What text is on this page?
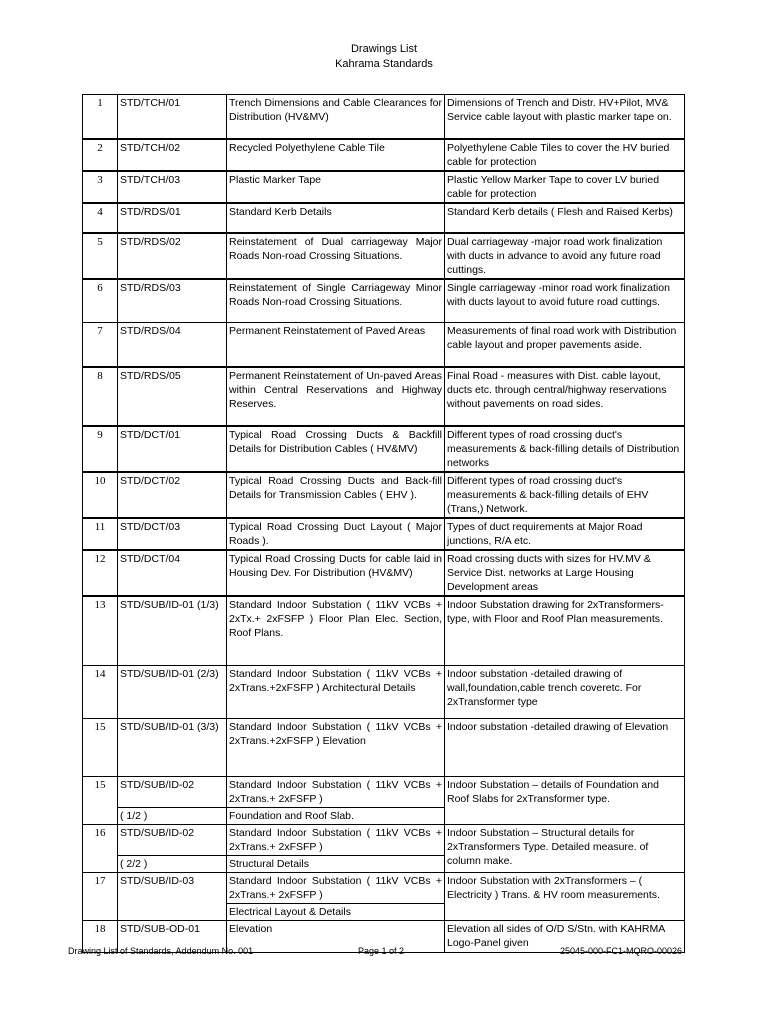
Drawings List
Kahrama Standards
1	STD/TCH/01	Trench Dimensions and Cable Clearances for Distribution (HV&MV)	Dimensions of Trench and Distr. HV+Pilot, MV& Service cable layout with plastic marker tape on.
2	STD/TCH/02	Recycled Polyethylene Cable Tile	Polyethylene Cable Tiles to cover the HV buried cable for protection
3	STD/TCH/03	Plastic Marker Tape	Plastic Yellow Marker Tape to cover LV buried cable for protection
4	STD/RDS/01	Standard Kerb Details	Standard Kerb details ( Flesh and Raised Kerbs)
5	STD/RDS/02	Reinstatement of Dual carriageway Major Roads Non-road Crossing Situations.	Dual carriageway -major road work finalization with ducts in advance to avoid any future road cuttings.
6	STD/RDS/03	Reinstatement of Single Carriageway Minor Roads Non-road Crossing Situations.	Single carriageway -minor road work finalization with ducts layout to avoid future road cuttings.
7	STD/RDS/04	Permanent Reinstatement of Paved Areas	Measurements of final road work with Distribution cable layout and proper pavements aside.
8	STD/RDS/05	Permanent Reinstatement of Un-paved Areas within Central Reservations and Highway Reserves.	Final Road - measures with Dist. cable layout, ducts etc. through central/highway reservations without pavements on road sides.
9	STD/DCT/01	Typical Road Crossing Ducts & Backfill Details for Distribution Cables ( HV&MV)	Different types of road crossing duct's measurements & back-filling details of Distribution networks
10	STD/DCT/02	Typical Road Crossing Ducts and Back-fill Details for Transmission Cables ( EHV ).	Different types of road crossing duct's measurements & back-filling details of EHV (Trans,) Network.
11	STD/DCT/03	Typical Road Crossing Duct Layout ( Major Roads ).	Types of duct requirements at Major Road junctions, R/A etc.
12	STD/DCT/04	Typical Road Crossing Ducts for cable laid in Housing Dev. For Distribution (HV&MV)	Road crossing ducts with sizes for HV.MV & Service Dist. networks at Large Housing Development areas
13	STD/SUB/ID-01 (1/3)	Standard Indoor Substation ( 11kV VCBs + 2xTx.+ 2xFSFP ) Floor Plan Elec. Section, Roof Plans.	Indoor Substation drawing for 2xTransformers-type, with Floor and Roof Plan measurements.
14	STD/SUB/ID-01 (2/3)	Standard Indoor Substation ( 11kV VCBs + 2xTrans.+2xFSFP ) Architectural Details	Indoor substation -detailed drawing of wall,foundation,cable trench coveretc. For 2xTransformer type
15	STD/SUB/ID-01 (3/3)	Standard Indoor Substation ( 11kV VCBs + 2xTrans.+2xFSFP ) Elevation	Indoor substation -detailed drawing of Elevation
15	STD/SUB/ID-02	Standard Indoor Substation ( 11kV VCBs + 2xTrans.+ 2xFSFP )	Indoor Substation – details of Foundation and Roof Slabs for 2xTransformer type.
	( 1/2 )	Foundation and Roof Slab.	
16	STD/SUB/ID-02	Standard Indoor Substation ( 11kV VCBs + 2xTrans.+ 2xFSFP )	Indoor Substation – Structural details for 2xTransformers Type. Detailed measure. of column make.
	( 2/2 )	Structural Details	
17	STD/SUB/ID-03	Standard Indoor Substation ( 11kV VCBs + 2xTrans.+ 2xFSFP )	Indoor Substation with 2xTransformers – ( Electricity ) Trans. & HV room measurements.
		Electrical Layout & Details	
18	STD/SUB-OD-01	Elevation	Elevation all sides of O/D S/Stn. with KAHRMA Logo-Panel given
Drawing List of Standards, Addendum No. 001	Page 1 of 2	25045-000-FC1-MQRO-00026
